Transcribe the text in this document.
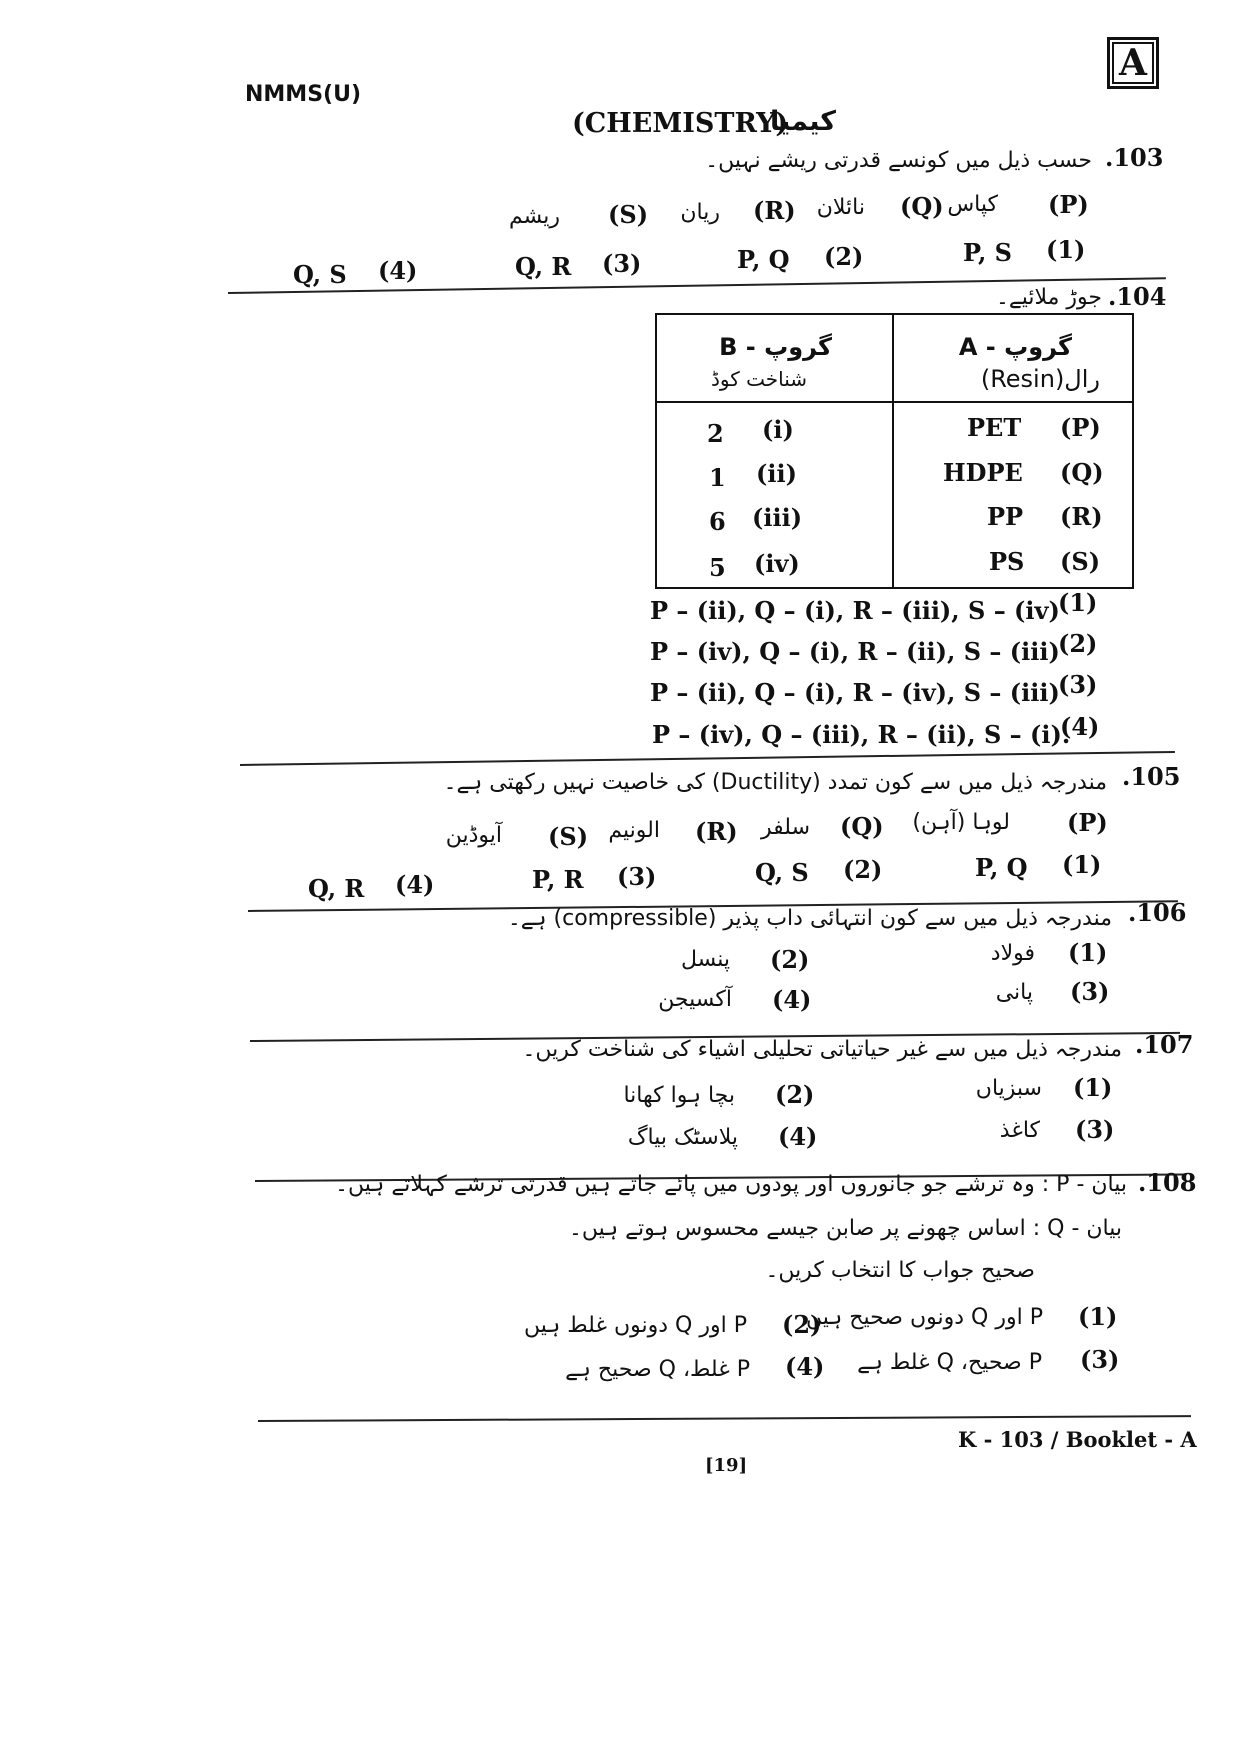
A
NMMS(U)
(CHEMISTRY)
کیمیا
.103
حسب ذیل میں کونسے قدرتی ریشے نہیں۔
(P)
کپاس
(Q)
نائلان
(R)
ریان
(S)
ریشم
(1)
P, S
(2)
P, Q
(3)
Q, R
(4)
Q, S
.104
جوڑ ملائیے۔
گروپ - A
رال(Resin)
گروپ - B
شناخت کوڈ
PET (P)
HDPE (Q)
PP (R)
PS (S)
2 (i)
1 (ii)
6 (iii)
5 (iv)
P – (ii), Q – (i), R – (iii), S – (iv)
(1)
P – (iv), Q – (i), R – (ii), S – (iii)
(2)
P – (ii), Q – (i), R – (iv), S – (iii)
(3)
P – (iv), Q – (iii), R – (ii), S – (i).
(4)
.105
مندرجہ ذیل میں سے کون تمدد (Ductility) کی خاصیت نہیں رکھتی ہے۔
(P)
لوہا (آہن)
(Q)
سلفر
(R)
الونیم
(S)
آیوڈین
(1)
P, Q
(2)
Q, S
(3)
P, R
(4)
Q, R
.106
مندرجہ ذیل میں سے کون انتہائی داب پذیر (compressible) ہے۔
(1)
فولاد
(2)
پنسل
(3)
پانی
(4)
آکسیجن
.107
مندرجہ ذیل میں سے غیر حیاتیاتی تحلیلی اشیاء کی شناخت کریں۔
(1)
سبزیاں
(2)
بچا ہوا کھانا
(3)
کاغذ
(4)
پلاسٹک بیاگ
.108
بیان - P : وہ ترشے جو جانوروں اور پودوں میں پائے جاتے ہیں قدرتی ترشے کہلاتے ہیں۔
بیان - Q : اساس چھونے پر صابن جیسے محسوس ہوتے ہیں۔
صحیح جواب کا انتخاب کریں۔
(1)
P اور Q دونوں صحیح ہیں
(2)
P اور Q دونوں غلط ہیں
(3)
P صحیح، Q غلط ہے
(4)
P غلط، Q صحیح ہے
K - 103 / Booklet - A
[19]
